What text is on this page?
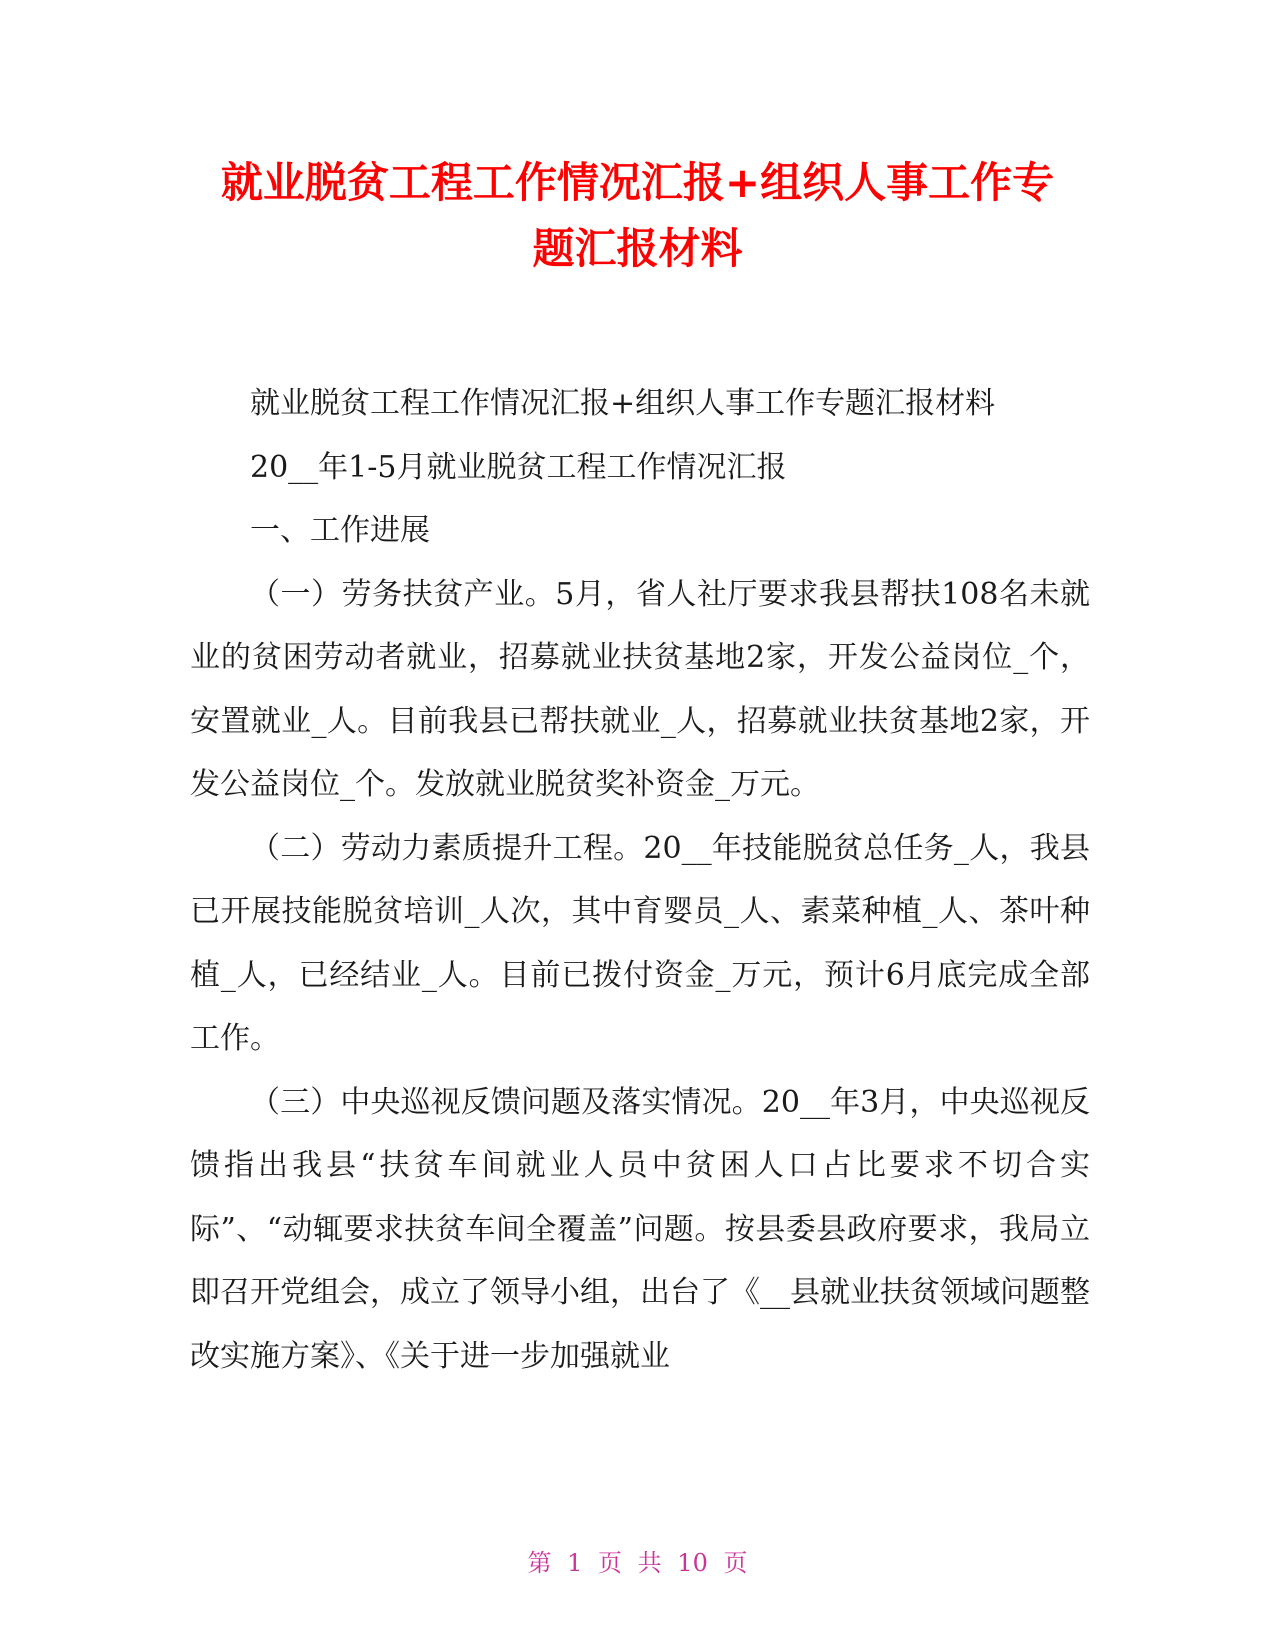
就业脱贫工程工作情况汇报+组织人事工作专
题汇报材料

就业脱贫工程工作情况汇报+组织人事工作专题汇报材料

20__年1-5月就业脱贫工程工作情况汇报

一、工作进展

（一）劳务扶贫产业。5月，省人社厅要求我县帮扶108名未就业的贫困劳动者就业，招募就业扶贫基地2家，开发公益岗位_个，安置就业_人。目前我县已帮扶就业_人，招募就业扶贫基地2家，开发公益岗位_个。发放就业脱贫奖补资金_万元。

（二）劳动力素质提升工程。20__年技能脱贫总任务_人，我县已开展技能脱贫培训_人次，其中育婴员_人、素菜种植_人、茶叶种植_人，已经结业_人。目前已拨付资金_万元，预计6月底完成全部工作。

（三）中央巡视反馈问题及落实情况。20__年3月，中央巡视反馈指出我县“扶贫车间就业人员中贫困人口占比要求不切合实际”、“动辄要求扶贫车间全覆盖”问题。按县委县政府要求，我局立即召开党组会，成立了领导小组，出台了《__县就业扶贫领域问题整改实施方案》、《关于进一步加强就业

第 1 页 共 10 页
